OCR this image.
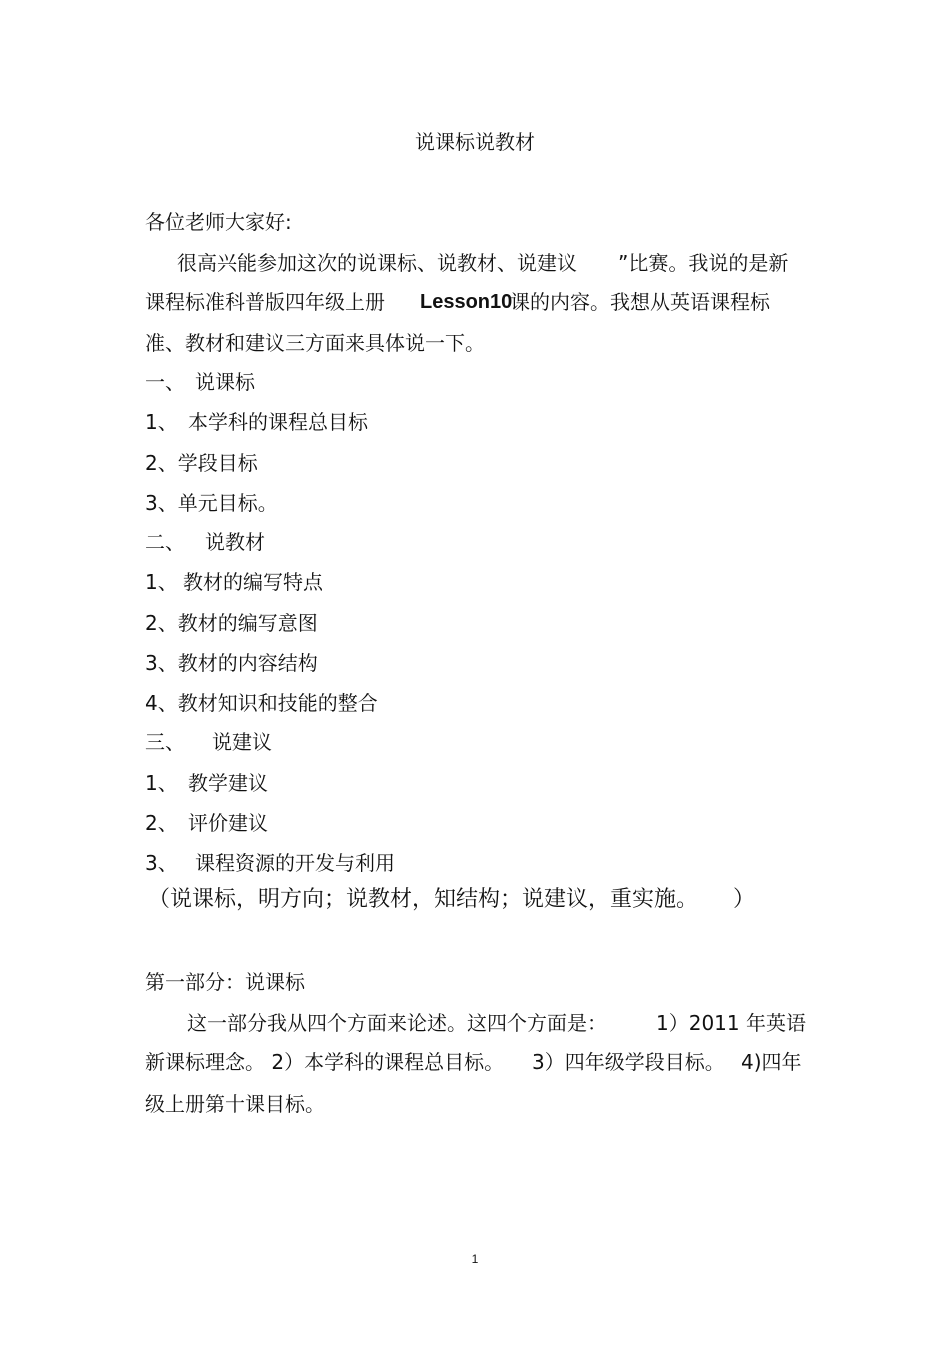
说课标说教材
各位老师大家好:
很高兴能参加这次的说课标、说教材、说建议 ”比赛。我说的是新
课程标准科普版四年级上册 Lesson10
课的内容。我想从英语课程标
准、教材和建议三方面来具体说一下。
一、 说课标
1、 本学科的课程总目标
2、学段目标
3、单元目标。
二、 说教材
1、 教材的编写特点
2、教材的编写意图
3、教材的内容结构
4、教材知识和技能的整合
三、 说建议
1、 教学建议
2、 评价建议
3、 课程资源的开发与利用
（说课标，明方向；说教材，知结构；说建议，重实施。 ）
第一部分：说课标
这一部分我从四个方面来论述。这四个方面是： 1）2011 年英语
新课标理念。 2）本学科的课程总目标。 3）四年级学段目标。 4)四年
级上册第十课目标。
1
